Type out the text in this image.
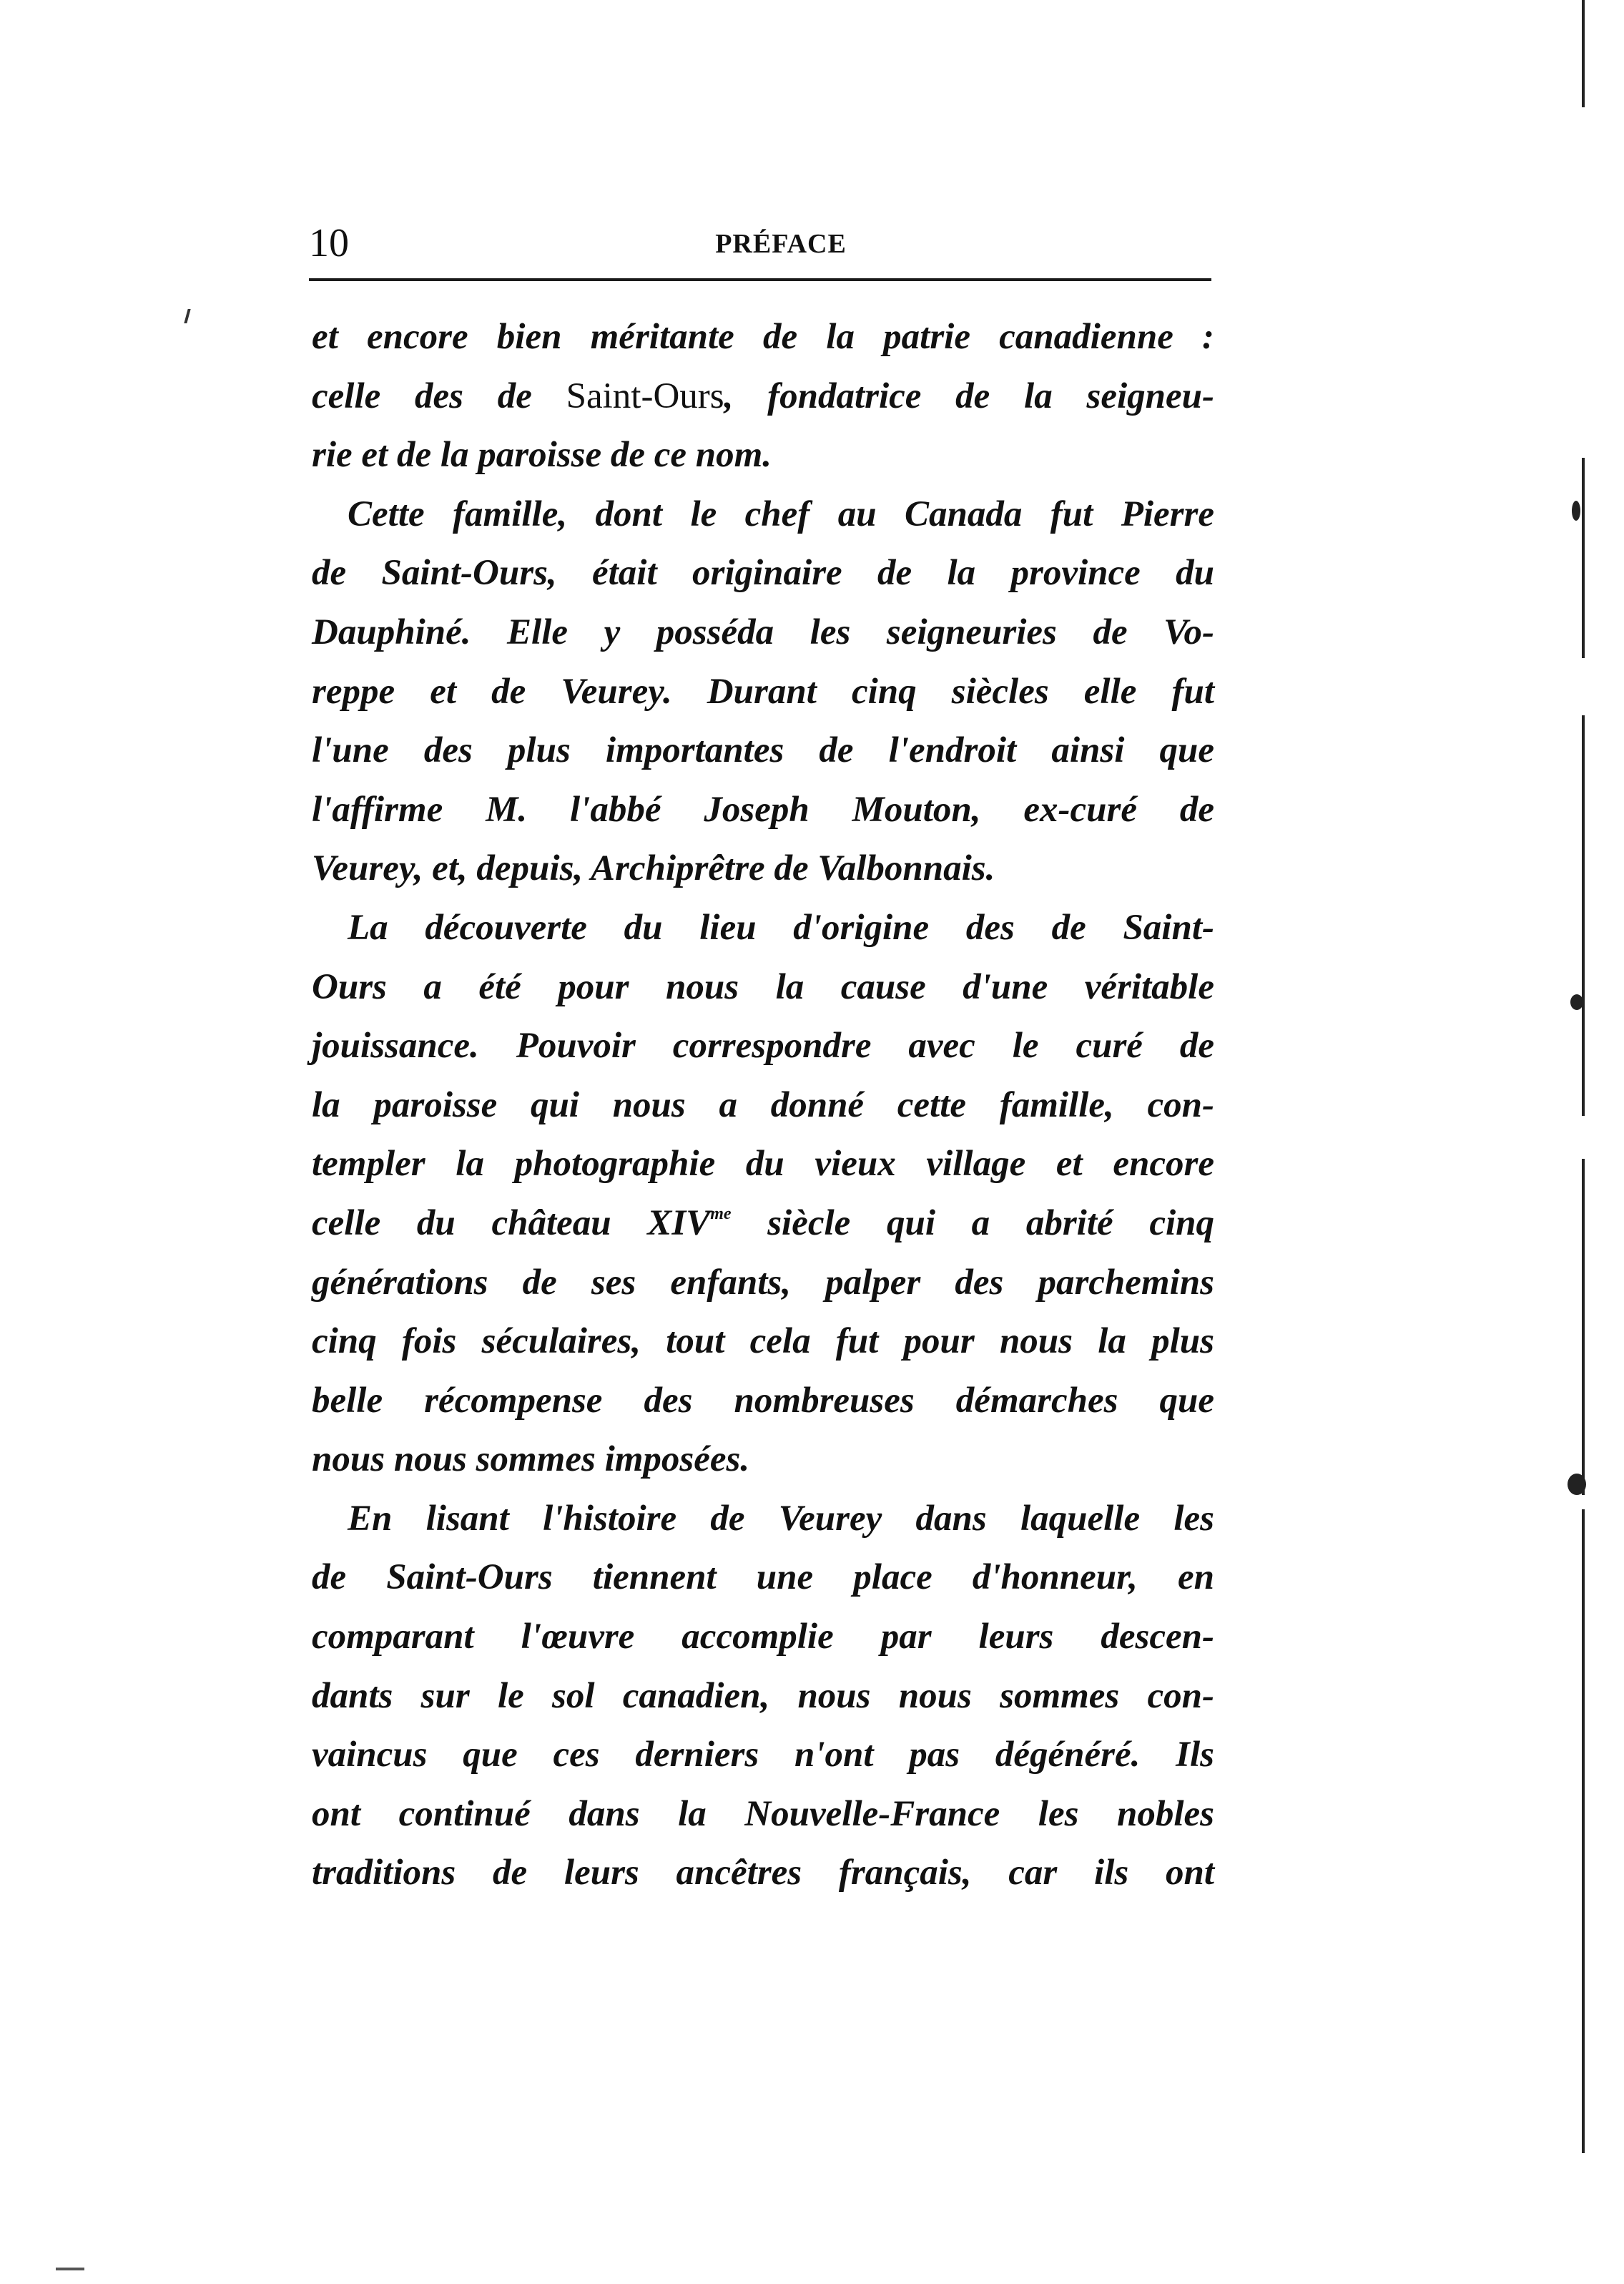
10	PRÉFACE
et encore bien méritante de la patrie canadienne :
celle des de Saint-Ours, fondatrice de la seigneu-
rie et de la paroisse de ce nom.
Cette famille, dont le chef au Canada fut Pierre
de Saint-Ours, était originaire de la province du
Dauphiné. Elle y posséda les seigneuries de Vo-
reppe et de Veurey. Durant cinq siècles elle fut
l'une des plus importantes de l'endroit ainsi que
l'affirme M. l'abbé Joseph Mouton, ex-curé de
Veurey, et, depuis, Archiprêtre de Valbonnais.
La découverte du lieu d'origine des de Saint-
Ours a été pour nous la cause d'une véritable
jouissance. Pouvoir correspondre avec le curé de
la paroisse qui nous a donné cette famille, con-
templer la photographie du vieux village et encore
celle du château $XIV^{me}$ siècle qui a abrité cinq
générations de ses enfants, palper des parchemins
cinq fois séculaires, tout cela fut pour nous la plus
belle récompense des nombreuses démarches que
nous nous sommes imposées.
En lisant l'histoire de Veurey dans laquelle les
de Saint-Ours tiennent une place d'honneur, en
comparant l'œuvre accomplie par leurs descen-
dants sur le sol canadien, nous nous sommes con-
vaincus que ces derniers n'ont pas dégénéré. Ils
ont continué dans la Nouvelle-France les nobles
traditions de leurs ancêtres français, car ils ont
